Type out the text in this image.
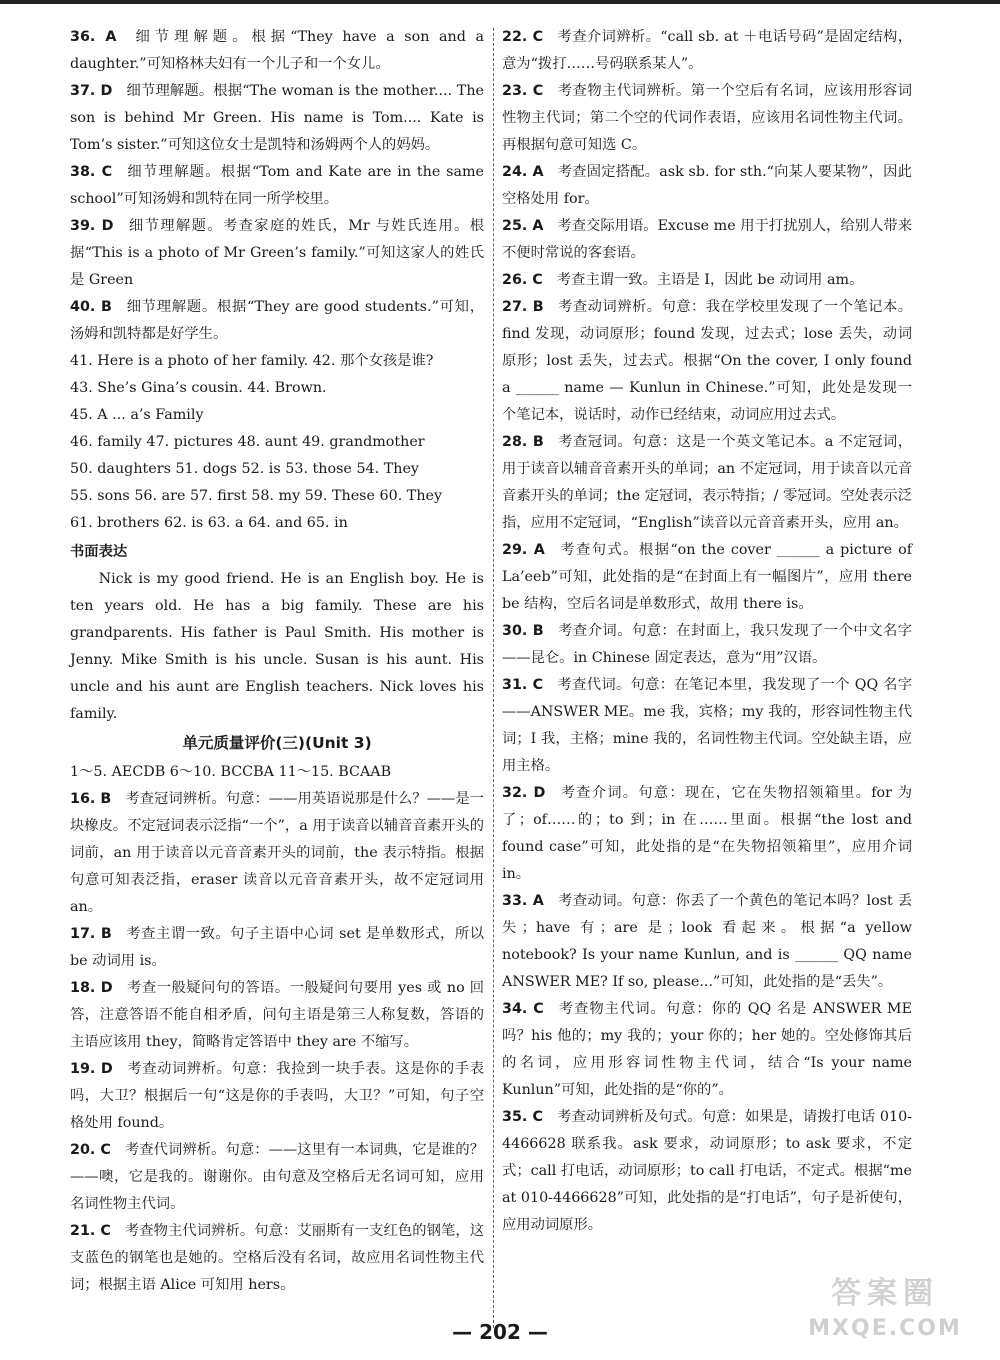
36. A 细节理解题。根据“They have a son and a daughter.”可知格林夫妇有一个儿子和一个女儿。

37. D 细节理解题。根据“The woman is the mother.... The son is behind Mr Green. His name is Tom.... Kate is Tom’s sister.”可知这位女士是凯特和汤姆两个人的妈妈。

38. C 细节理解题。根据“Tom and Kate are in the same school”可知汤姆和凯特在同一所学校里。

39. D 细节理解题。考查家庭的姓氏，Mr 与姓氏连用。根据“This is a photo of Mr Green’s family.”可知这家人的姓氏是 Green

40. B 细节理解题。根据“They are good students.”可知，汤姆和凯特都是好学生。

41. Here is a photo of her family. 42. 那个女孩是谁?

43. She’s Gina’s cousin. 44. Brown.

45. A ... a’s Family

46. family 47. pictures 48. aunt 49. grandmother

50. daughters 51. dogs 52. is 53. those 54. They

55. sons 56. are 57. first 58. my 59. These 60. They

61. brothers 62. is 63. a 64. and 65. in

书面表达

Nick is my good friend. He is an English boy. He is ten years old. He has a big family. These are his grandparents. His father is Paul Smith. His mother is Jenny. Mike Smith is his uncle. Susan is his aunt. His uncle and his aunt are English teachers. Nick loves his family.

单元质量评价(三)(Unit 3)

1～5. AECDB 6～10. BCCBA 11～15. BCAAB

16. B 考查冠词辨析。句意：——用英语说那是什么？——是一块橡皮。不定冠词表示泛指“一个”，a 用于读音以辅音音素开头的词前，an 用于读音以元音音素开头的词前，the 表示特指。根据句意可知表泛指，eraser 读音以元音音素开头，故不定冠词用 an。

17. B 考查主谓一致。句子主语中心词 set 是单数形式，所以 be 动词用 is。

18. D 考查一般疑问句的答语。一般疑问句要用 yes 或 no 回答，注意答语不能自相矛盾，问句主语是第三人称复数，答语的主语应该用 they，简略肯定答语中 they are 不缩写。

19. D 考查动词辨析。句意：我捡到一块手表。这是你的手表吗，大卫？根据后一句“这是你的手表吗，大卫？”可知，句子空格处用 found。

20. C 考查代词辨析。句意：——这里有一本词典，它是谁的？——噢，它是我的。谢谢你。由句意及空格后无名词可知，应用名词性物主代词。

21. C 考查物主代词辨析。句意：艾丽斯有一支红色的钢笔，这支蓝色的钢笔也是她的。空格后没有名词，故应用名词性物主代词；根据主语 Alice 可知用 hers。

22. C 考查介词辨析。“call sb. at ＋电话号码”是固定结构，意为“拨打……号码联系某人”。

23. C 考查物主代词辨析。第一个空后有名词，应该用形容词性物主代词；第二个空的代词作表语，应该用名词性物主代词。再根据句意可知选 C。

24. A 考查固定搭配。ask sb. for sth.“向某人要某物”，因此空格处用 for。

25. A 考查交际用语。Excuse me 用于打扰别人，给别人带来不便时常说的客套语。

26. C 考查主谓一致。主语是 I，因此 be 动词用 am。

27. B 考查动词辨析。句意：我在学校里发现了一个笔记本。find 发现，动词原形；found 发现，过去式；lose 丢失，动词原形；lost 丢失，过去式。根据“On the cover, I only found a ______ name — Kunlun in Chinese.”可知，此处是发现一个笔记本，说话时，动作已经结束，动词应用过去式。

28. B 考查冠词。句意：这是一个英文笔记本。a 不定冠词，用于读音以辅音音素开头的单词；an 不定冠词，用于读音以元音音素开头的单词；the 定冠词，表示特指；/ 零冠词。空处表示泛指，应用不定冠词，“English”读音以元音音素开头，应用 an。

29. A 考查句式。根据“on the cover ______ a picture of La’eeb”可知，此处指的是“在封面上有一幅图片”，应用 there be 结构，空后名词是单数形式，故用 there is。

30. B 考查介词。句意：在封面上，我只发现了一个中文名字——昆仑。in Chinese 固定表达，意为“用”汉语。

31. C 考查代词。句意：在笔记本里，我发现了一个 QQ 名字——ANSWER ME。me 我，宾格；my 我的，形容词性物主代词；I 我，主格；mine 我的，名词性物主代词。空处缺主语，应用主格。

32. D 考查介词。句意：现在，它在失物招领箱里。for 为了；of……的；to 到；in 在……里面。根据“the lost and found case”可知，此处指的是“在失物招领箱里”，应用介词 in。

33. A 考查动词。句意：你丢了一个黄色的笔记本吗？lost 丢失；have 有；are 是；look 看起来。根据“a yellow notebook? Is your name Kunlun, and is ______ QQ name ANSWER ME? If so, please...”可知，此处指的是“丢失”。

34. C 考查物主代词。句意：你的 QQ 名是 ANSWER ME 吗？his 他的；my 我的；your 你的；her 她的。空处修饰其后的名词，应用形容词性物主代词，结合“Is your name Kunlun”可知，此处指的是“你的”。

35. C 考查动词辨析及句式。句意：如果是，请拨打电话 010-4466628 联系我。ask 要求，动词原形；to ask 要求，不定式；call 打电话，动词原形；to call 打电话，不定式。根据“me at 010-4466628”可知，此处指的是“打电话”，句子是祈使句，应用动词原形。

— 202 —
答案圈
MXQE.COM
